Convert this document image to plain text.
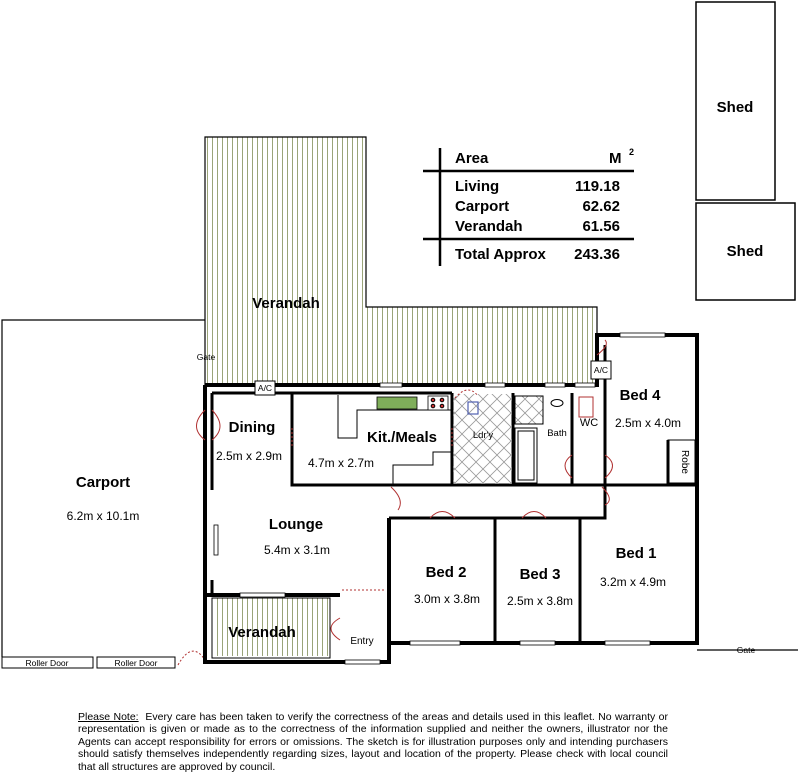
Shed
Shed
Verandah
Carport
6.2m x 10.1m
Gate
Roller Door	Roller Door
Gate
Robe
Verandah
A/C
A/C
Dining
2.5m x 2.9m
Kit./Meals
4.7m x 2.7m
Ldr'y	Bath
WC
Bed 4
2.5m x 4.0m
Lounge
5.4m x 3.1m
Bed 2
3.0m x 3.8m
Bed 3
2.5m x 3.8m
Bed 1
3.2m x 4.9m
Entry
Area	M 2
Living	119.18
Carport	62.62
Verandah	61.56
Total Approx 243.36
Please Note: Every care has been taken to verify the correctness of the areas and details used in this leaflet. No warranty or representation is given or made as to the correctness of the information supplied and neither the owners, illustrator nor the Agents can accept responsibility for errors or omissions. The sketch is for illustration purposes only and intending purchasers should satisfy themselves independently regarding sizes, layout and location of the property. Please check with local council that all structures are approved by council.
